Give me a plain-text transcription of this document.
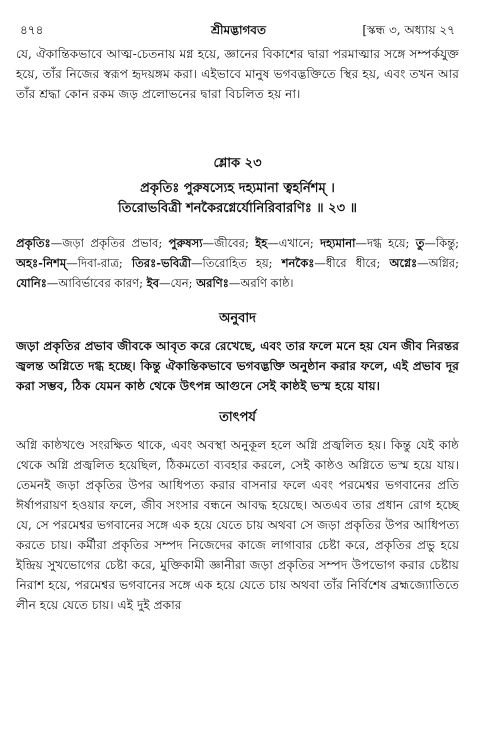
৪৭৪	শ্রীমদ্ভাগবত	[স্কন্ধ ৩, অধ্যায় ২৭

যে, ঐকান্তিকভাবে আত্ম-চেতনায় মগ্ন হয়ে, জ্ঞানের বিকাশের দ্বারা পরমাত্মার সঙ্গে সম্পর্কযুক্ত হয়ে, তাঁর নিজের স্বরূপ হৃদয়ঙ্গম করা। এইভাবে মানুষ ভগবদ্ভক্তিতে স্থির হয়, এবং তখন আর তাঁর শ্রদ্ধা কোন রকম জড় প্রলোভনের দ্বারা বিচলিত হয় না।

শ্লোক ২৩
প্রকৃতিঃ পুরুষস্যেহ দহ্যমানা ত্বহর্নিশম্‌ ।
তিরোভবিত্রী শনকৈরগ্নের্যোনিরিবারণিঃ ॥ ২৩ ॥
প্রকৃতিঃ—জড়া প্রকৃতির প্রভাব; পুরুষস্য—জীবের; ইহ—এখানে; দহ্যমানা—দগ্ধ হয়ে; তু—কিন্তু; অহঃ-নিশম্—দিবা-রাত্র; তিরঃ-ভবিত্রী—তিরোহিত হয়; শনকৈঃ—ধীরে ধীরে; অগ্নেঃ—অগ্নির; যোনিঃ—আবির্ভাবের কারণ; ইব—যেন; অরণিঃ—অরণি কাষ্ঠ।
অনুবাদ

জড়া প্রকৃতির প্রভাব জীবকে আবৃত করে রেখেছে, এবং তার ফলে মনে হয় যেন জীব নিরন্তর জ্বলন্ত অগ্নিতে দগ্ধ হচ্ছে। কিন্তু ঐকান্তিকভাবে ভগবদ্ভক্তি অনুষ্ঠান করার ফলে, এই প্রভাব দূর করা সম্ভব, ঠিক যেমন কাষ্ঠ থেকে উৎপন্ন আগুনে সেই কাষ্ঠই ভস্ম হয়ে যায়।

তাৎপর্য

অগ্নি কাষ্ঠখণ্ডে সংরক্ষিত থাকে, এবং অবস্থা অনুকূল হলে অগ্নি প্রজ্বলিত হয়। কিন্তু যেই কাষ্ঠ থেকে অগ্নি প্রজ্বলিত হয়েছিল, ঠিকমতো ব্যবহার করলে, সেই কাষ্ঠও অগ্নিতে ভস্ম হয়ে যায়। তেমনই জড়া প্রকৃতির উপর আধিপত্য করার বাসনার ফলে এবং পরমেশ্বর ভগবানের প্রতি ঈর্ষাপরায়ণ হওয়ার ফলে, জীব সংসার বন্ধনে আবদ্ধ হয়েছে। অতএব তার প্রধান রোগ হচ্ছে যে, সে পরমেশ্বর ভগবানের সঙ্গে এক হয়ে যেতে চায় অথবা সে জড়া প্রকৃতির উপর আধিপত্য করতে চায়। কর্মীরা প্রকৃতির সম্পদ নিজেদের কাজে লাগাবার চেষ্টা করে, প্রকৃতির প্রভু হয়ে ইন্দ্রিয় সুখভোগের চেষ্টা করে, মুক্তিকামী জ্ঞানীরা জড়া প্রকৃতির সম্পদ উপভোগ করার চেষ্টায় নিরাশ হয়ে, পরমেশ্বর ভগবানের সঙ্গে এক হয়ে যেতে চায় অথবা তাঁর নির্বিশেষ ব্রহ্মজ্যোতিতে লীন হয়ে যেতে চায়। এই দুই প্রকার
